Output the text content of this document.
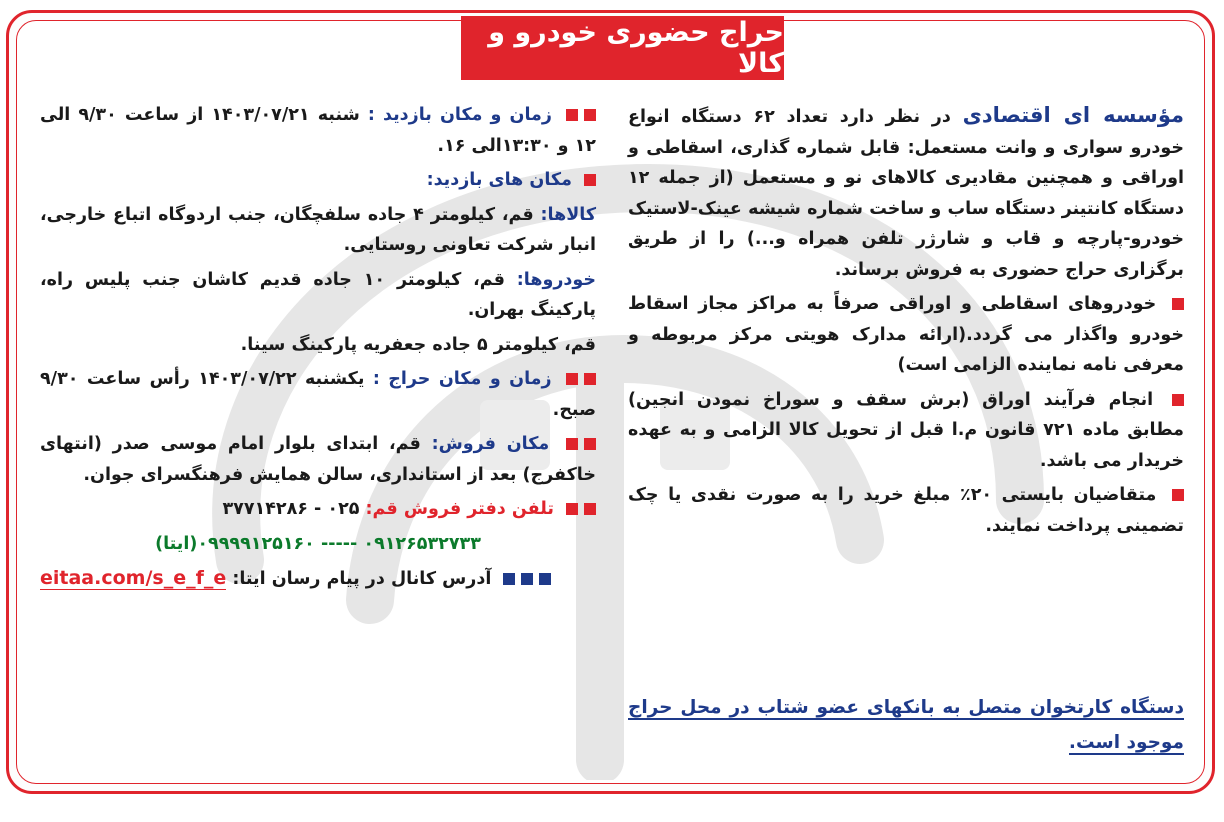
حراج حضوری خودرو و کالا

مؤسسه ای اقتصادی در نظر دارد تعداد ۶۲ دستگاه انواع خودرو سواری و وانت مستعمل: قابل شماره گذاری، اسقاطی و اوراقی و همچنین مقادیری کالاهای نو و مستعمل (از جمله ۱۲ دستگاه کانتینر دستگاه ساب و ساخت شماره شیشه عینک-لاستیک خودرو-پارچه و قاب و شارژر تلفن همراه و...) را از طریق برگزاری حراج حضوری به فروش برساند.

خودروهای اسقاطی و اوراقی صرفاً به مراکز مجاز اسقاط خودرو واگذار می گردد.(ارائه مدارک هویتی مرکز مربوطه و معرفی نامه نماینده الزامی است)

انجام فرآیند اوراق (برش سقف و سوراخ نمودن انجین) مطابق ماده ۷۲۱ قانون م.ا قبل از تحویل کالا الزامی و به عهده خریدار می باشد.

متقاضیان بایستی ۲۰٪ مبلغ خرید را به صورت نقدی یا چک تضمینی پرداخت نمایند.

دستگاه کارتخوان متصل به بانکهای عضو شتاب در محل حراج موجود است.

زمان و مکان بازدید : شنبه ۱۴۰۳/۰۷/۲۱ از ساعت ۹/۳۰ الی ۱۲ و ۱۳:۳۰الی ۱۶.

مکان های بازدید:

کالاها: قم، کیلومتر ۴ جاده سلفچگان، جنب اردوگاه اتباع خارجی، انبار شرکت تعاونی روستایی.

خودروها: قم، کیلومتر ۱۰ جاده قدیم کاشان جنب پلیس راه، پارکینگ بهران.

قم، کیلومتر ۵ جاده جعفریه پارکینگ سینا.

زمان و مکان حراج : یکشنبه ۱۴۰۳/۰۷/۲۲ رأس ساعت ۹/۳۰ صبح.

مکان فروش: قم، ابتدای بلوار امام موسی صدر (انتهای خاکفرج) بعد از استانداری، سالن همایش فرهنگسرای جوان.

تلفن دفتر فروش قم: ۰۲۵ - ۳۷۷۱۴۲۸۶

۰۹۱۲۶۵۳۲۷۳۳ ----- ۰۹۹۹۹۱۲۵۱۶۰(ایتا)

آدرس کانال در پیام رسان ایتا: eitaa.com/s_e_f_e
